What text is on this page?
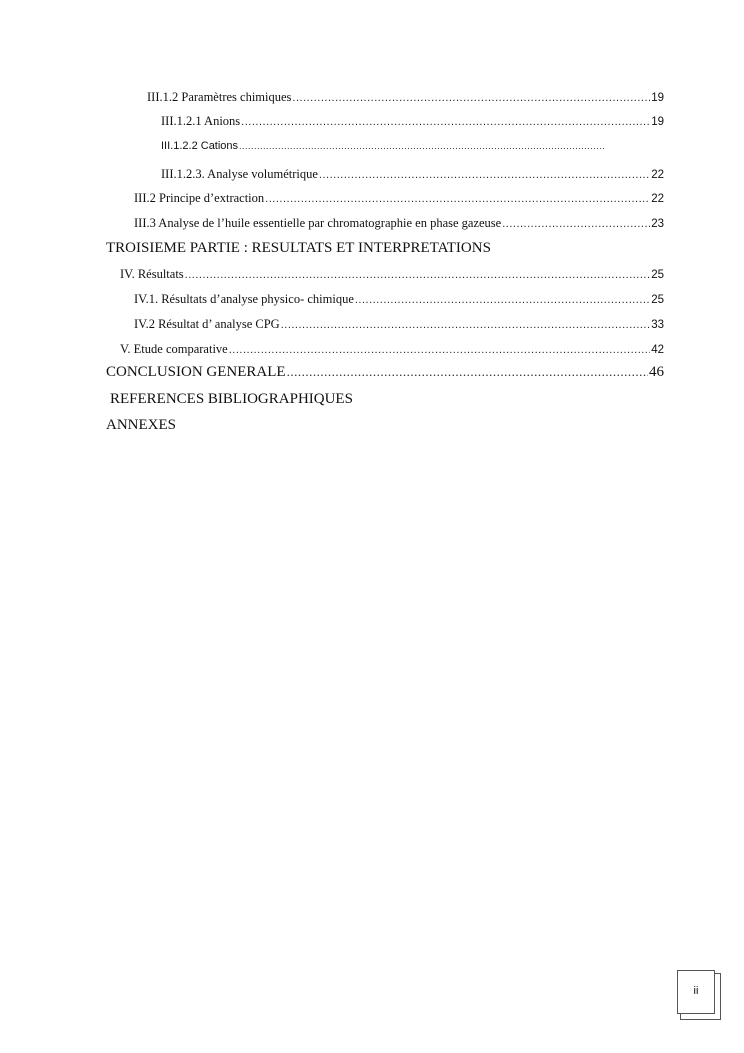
III.1.2 Paramètres chimiques .....	19
III.1.2.1 Anions .....	19
III.1.2.2 Cations
.....
III.1.2.3. Analyse volumétrique .....	22
III.2 Principe d’extraction .....	22
III.3 Analyse de l’huile essentielle par chromatographie en phase gazeuse .....	23
TROISIEME PARTIE : RESULTATS ET INTERPRETATIONS
IV. Résultats .....	25
IV.1. Résultats d’analyse physico- chimique .....	25
IV.2 Résultat d’ analyse CPG .....	33
V. Etude comparative .....	42
CONCLUSION GENERALE .....	46
REFERENCES BIBLIOGRAPHIQUES
ANNEXES
ii
